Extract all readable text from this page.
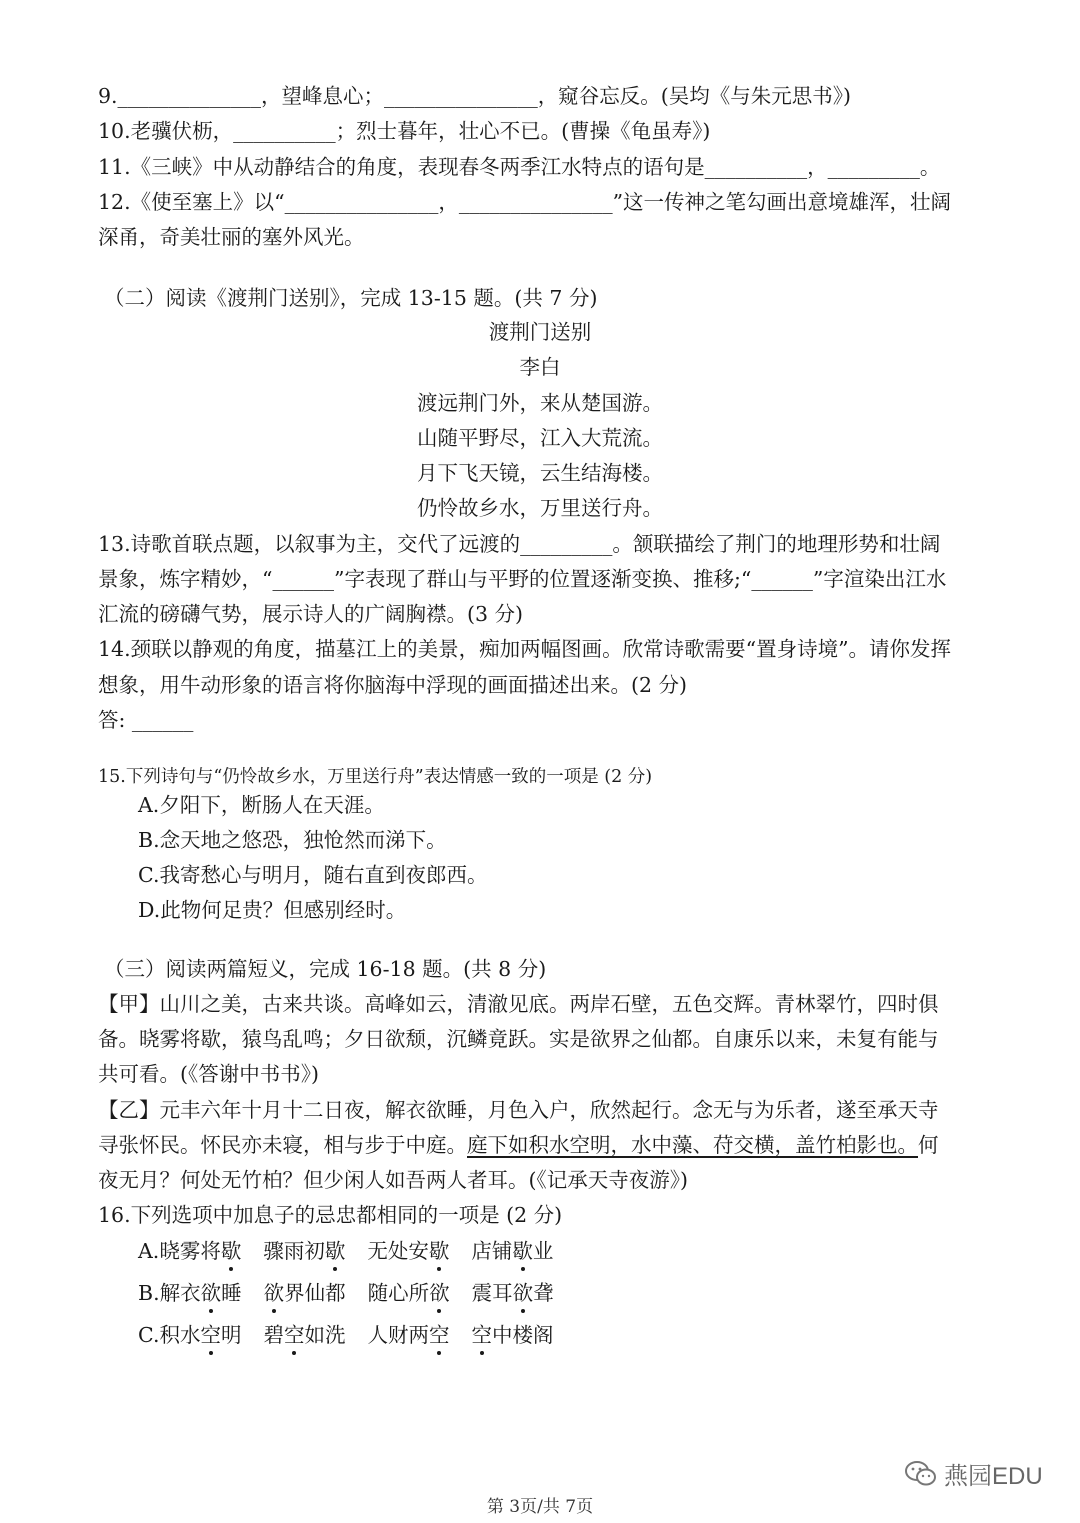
9.______________，望峰息心；_______________，窥谷忘反。(吴均《与朱元思书》)
10.老骥伏枥，__________；烈士暮年，壮心不已。(曹操《龟虽寿》)
11.《三峡》中从动静结合的角度，表现春冬两季江水特点的语句是__________，_________。
12.《使至塞上》以“_______________，_______________”这一传神之笔勾画出意境雄浑，壮阔
深甬，奇美壮丽的塞外风光。
（二）阅读《渡荆门送别》，完成 13-15 题。(共 7 分)
渡荆门送别
李白
渡远荆门外，来从楚国游。
山随平野尽，江入大荒流。
月下飞天镜，云生结海楼。
仍怜故乡水，万里送行舟。
13.诗歌首联点题，以叙事为主，交代了远渡的_________。颔联描绘了荆门的地理形势和壮阔
景象，炼字精妙，“______”字表现了群山与平野的位置逐渐变换、推移;“______”字渲染出江水
汇流的磅礴气势，展示诗人的广阔胸襟。(3 分)
14.颈联以静观的角度，描墓江上的美景，痴加两幅图画。欣常诗歌需要“置身诗境”。请你发挥
想象，用牛动形象的语言将你脑海中浮现的画面描述出来。(2 分)
答: ______
15.下列诗句与“仍怜故乡水，万里送行舟”表达情感一致的一项是 (2 分)
A.夕阳下，断肠人在天涯。
B.念天地之悠恐，独怆然而涕下。
C.我寄愁心与明月，随右直到夜郎西。
D.此物何足贵？但感别经时。
（三）阅读两篇短义，完成 16-18 题。(共 8 分)
【甲】山川之美，古来共谈。高峰如云，清澈见底。两岸石壁，五色交辉。青林翠竹，四时俱
备。晓雾将歇，猿鸟乱鸣；夕日欲颓，沉鳞竟跃。实是欲界之仙都。自康乐以来，未复有能与
共可看。(《答谢中书书》)
【乙】元丰六年十月十二日夜，解衣欲睡，月色入户，欣然起行。念无与为乐者，遂至承天寺
寻张怀民。怀民亦未寝，相与步于中庭。庭下如积水空明，水中藻、苻交横，盖竹柏影也。何
夜无月？何处无竹柏？但少闲人如吾两人者耳。(《记承天寺夜游》)
16.下列选项中加息子的忌忠都相同的一项是 (2 分)
A.晓雾将歇 骤雨初歇 无处安歇 店铺歇业
B.解衣欲睡 欲界仙都 随心所欲 震耳欲聋
C.积水空明 碧空如洗 人财两空 空中楼阁
燕园EDU
第 3页/共 7页
